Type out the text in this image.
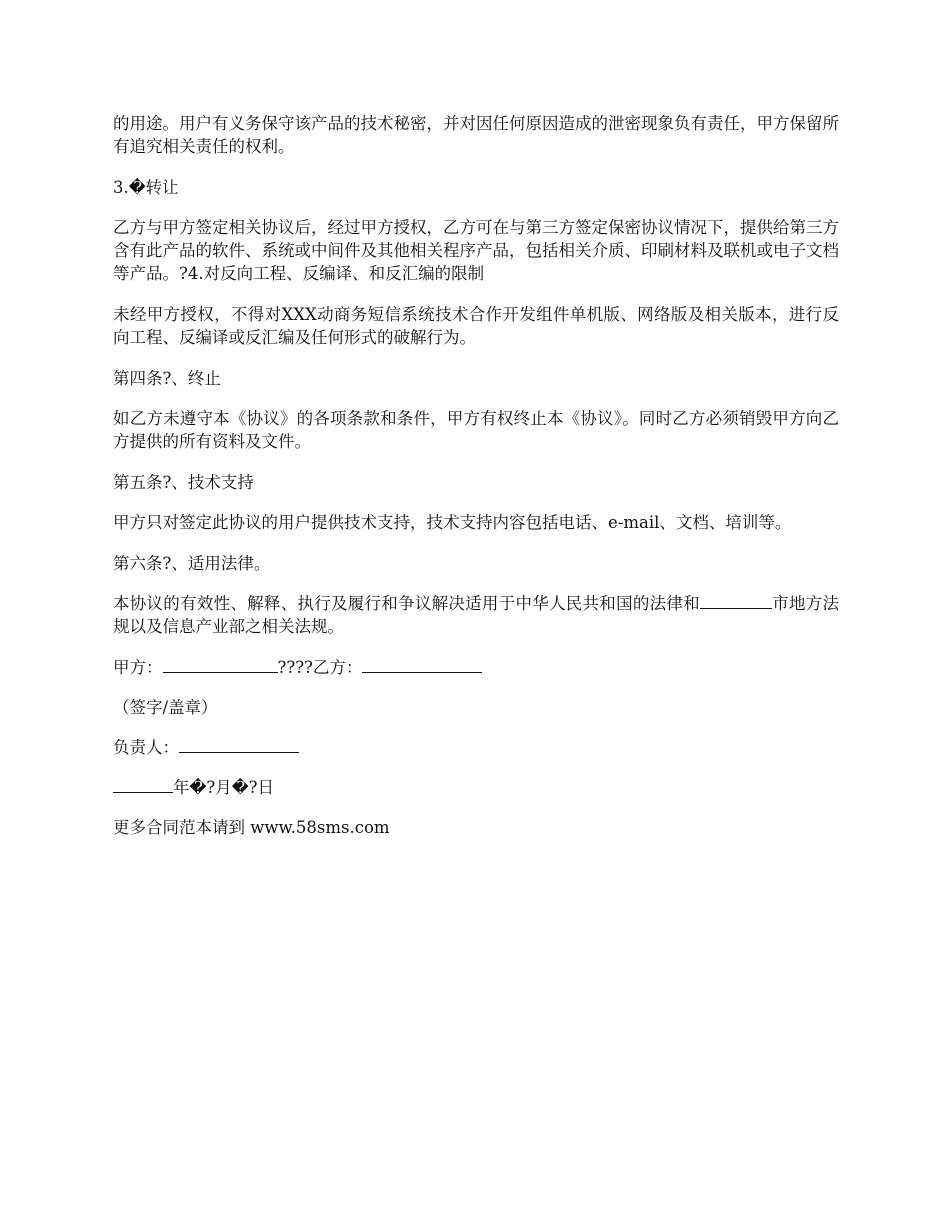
的用途。用户有义务保守该产品的技术秘密，并对因任何原因造成的泄密现象负有责任，甲方保留所有追究相关责任的权利。

3.�转让

乙方与甲方签定相关协议后，经过甲方授权，乙方可在与第三方签定保密协议情况下，提供给第三方含有此产品的软件、系统或中间件及其他相关程序产品，包括相关介质、印刷材料及联机或电子文档等产品。?4.对反向工程、反编译、和反汇编的限制

未经甲方授权，不得对XXX动商务短信系统技术合作开发组件单机版、网络版及相关版本，进行反向工程、反编译或反汇编及任何形式的破解行为。

第四条?、终止

如乙方未遵守本《协议》的各项条款和条件，甲方有权终止本《协议》。同时乙方必须销毁甲方向乙方提供的所有资料及文件。

第五条?、技术支持

甲方只对签定此协议的用户提供技术支持，技术支持内容包括电话、e-mail、文档、培训等。

第六条?、适用法律。

本协议的有效性、解释、执行及履行和争议解决适用于中华人民共和国的法律和	市地方法规以及信息产业部之相关法规。

甲方：	????乙方：

（签字/盖章）

负责人：

年�?月�?日

更多合同范本请到 www.58sms.com
